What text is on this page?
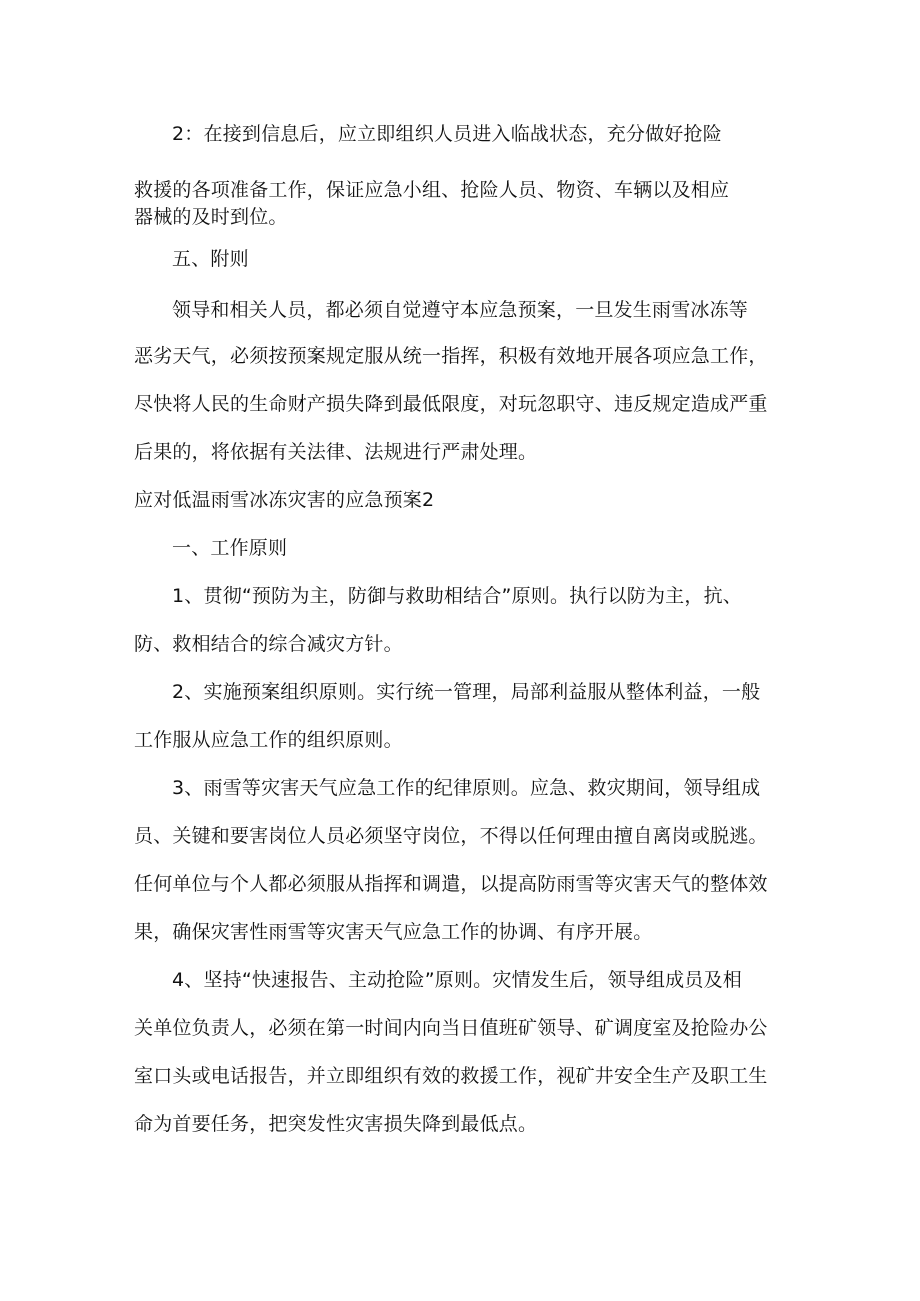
2：在接到信息后，应立即组织人员进入临战状态，充分做好抢险
救援的各项准备工作，保证应急小组、抢险人员、物资、车辆以及相应
器械的及时到位。
五、附则
领导和相关人员，都必须自觉遵守本应急预案，一旦发生雨雪冰冻等
恶劣天气，必须按预案规定服从统一指挥，积极有效地开展各项应急工作，
尽快将人民的生命财产损失降到最低限度，对玩忽职守、违反规定造成严重
后果的，将依据有关法律、法规进行严肃处理。
应对低温雨雪冰冻灾害的应急预案2
一、工作原则
1、贯彻“预防为主，防御与救助相结合”原则。执行以防为主，抗、
防、救相结合的综合减灾方针。
2、实施预案组织原则。实行统一管理，局部利益服从整体利益，一般
工作服从应急工作的组织原则。
3、雨雪等灾害天气应急工作的纪律原则。应急、救灾期间，领导组成
员、关键和要害岗位人员必须坚守岗位，不得以任何理由擅自离岗或脱逃。
任何单位与个人都必须服从指挥和调遣，以提高防雨雪等灾害天气的整体效
果，确保灾害性雨雪等灾害天气应急工作的协调、有序开展。
4、坚持“快速报告、主动抢险”原则。灾情发生后，领导组成员及相
关单位负责人，必须在第一时间内向当日值班矿领导、矿调度室及抢险办公
室口头或电话报告，并立即组织有效的救援工作，视矿井安全生产及职工生
命为首要任务，把突发性灾害损失降到最低点。
